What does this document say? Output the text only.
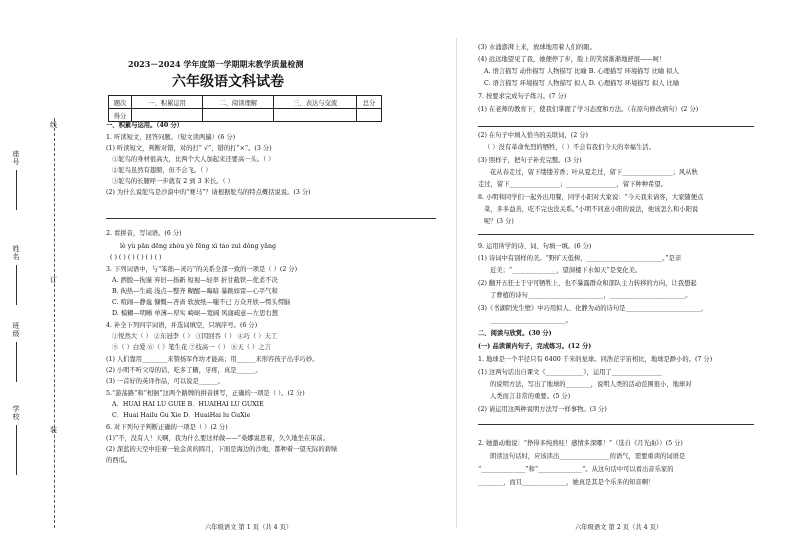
线
订
装
座号
姓名
班级
学校
2023－2024 学年度第一学期期末教学质量检测
六年级语文科试卷
题次	一、积累运用	二、阅读理解	三、表达与交流	总分
得分				
一、积累与运用。（40 分）
1. 听读短文，回答问题。（短文读两遍）(6 分)
(1) 听读短文，判断对错，对的打“ √”，错的打“×”。(3 分)
①鸵鸟的身材很高大，比两个大人加起来还要高一头。（ ）
②鸵鸟虽然有翅膀，但不会飞。（ ）
③鸵鸟的长腿呼一步就有 2 到 3 米长。（ ）
(2) 为什么说鸵鸟是沙漠中的“赛马”？请根据鸵鸟的特点概括说说。(3 分)
2. 看拼音，写词语。(6 分)
lè yù pān dēng zhòu yè fēng xì táo zuì dǒng yǎng
( ) ( ) ( ) ( ) ( ) ( )
3. 下列词语中，与“笨拙—灵巧”的关系全部一致的一项是（ ）(2 分)
A. 洒脱—拘谨 弃旧—扬新 短视—轻率 折甘截铁—优柔不决
B. 拘热—生疏 浅点—整齐 糊醒—晦暗 暴跳如雷—心平气和
C. 喧闹—静谧 慷慨—吝啬 软放纸—嗤不已 万众开欣—愕头愕脑
D. 模糊—明晰 单薄—厚实 崎岖—宽阔 风谢疏意—左思右想
4. 补全下列四字词语，并选词填空，只填序号。(6 分)
①悦然大（ ） ②东冠李（ ） ③因回吞（ ） ④巧（ ）天工
⑤（ ）白爱 ⑥（ ）笔生花 ⑦技高一（ ） ⑧天（ ）之言
(1) 人们靠用________来赞扬军作坊才能高；用______来形容孩子出乎巧妙。
(2) 小明不听父母的话，吃多了糖，牙疼，真是______。
(3) 一首好的英译作品，可以说是______。
5.“游荡路”和“相徊”这两个路牌的拼音拼写，正确的一项是（ ）。(2 分)
A．HUAI HAI LU GUIE B．HUAIHAI LU GUXIE
C．Huai Hailu Gu Xie D．HuaiHai lu GuXie
6. 对下列句子判断正确的一项是（ ）(2 分)
(1)“不，没有人！天啊，我为什么要这样做——”桑娜说思着，久久地坐在床前。
(2) 深蓝的天空中挂着一轮金黄的圆月，下面是海边的沙地，都种着一望无际的碧绿
的西瓜。
六年级语文 第 1 页（共 4 页）
(3) 水涌澎湃上来，放球地用着人们的眼。
(4) 远远地望见了我，她便停了步，脸上的笑窝渐渐地舒展——呵！
A. 语言描写 动作描写 人物描写 比喻 B. 心理描写 环境描写 比喻 拟人
C. 语言描写 环境描写 人物描写 拟人 D. 心理描写 环境描写 拟人 比喻
7. 按要求完成句子练习。(7 分)
(1) 在老师的教育下，使我们掌握了学习态度和方法。（在原句修改病句）(2 分)
(2) 在句子中填入恰当的关联词，(2 分)
（ ）没有革命先烈的牺牲，（ ）不会有我们今天的幸福生活。
(3) 照样子，把句子补充完整。(3 分)
花从春走过，留下缕缕芳香；叶从夏走过，留下________________；风从秋
走过，留下________________；________________，留下种种希望。
8. 小明和同学们一起外出用餐，同学小阳对大家说：“今天我来请客，大家随便点
菜，多多益善，吃不完也没关系。”小明不同意小阳的说法，他该怎么和小阳说
呢？(3 分)
9. 运用所学的诗、词、句填一填。(6 分)
(1) 诗词中有别样的美。“野旷天低树，________________________。”是亲
近美；“______________，望洞楼下水如天”是变化美。
(2) 翻开五狂士于守可牺牲上，也不暴露群众和部队主力转移的方向，让我想起
了曹植的诗句________________________，________________________。
(3)《书湖阴先生壁》中巧用拟人、化静为动的诗句是________________________，
________________________。
二、阅读与欣赏。(30 分)
(一) 品读课内句子，完成练习。(12 分)
1. 地球是一个半径只有 6400 千米的星球。同浩茫宇宙相比，地球是渺小的。(7 分)
(1) 这两句话出自课文《____________》，运用了________________
的说明方法，写出了地球的________，说明人类的活动范围很小，地球对
人类而言非常的重要。(5 分)
(2) 请运用这两种说明方法写一样事物。(3 分)
2. 她激动地说：“挣得多纯熟哇！感情多深哪！”（选自《月光曲》）(5 分)
朗读这句话时，应该读出________________的语气，需要重读的词语是
“______________”和“______________”。从这句话中可以看出音乐家的
________，而且______________，她真是其是个乐多的知音啊！
六年级语文 第 2 页（共 4 页）
